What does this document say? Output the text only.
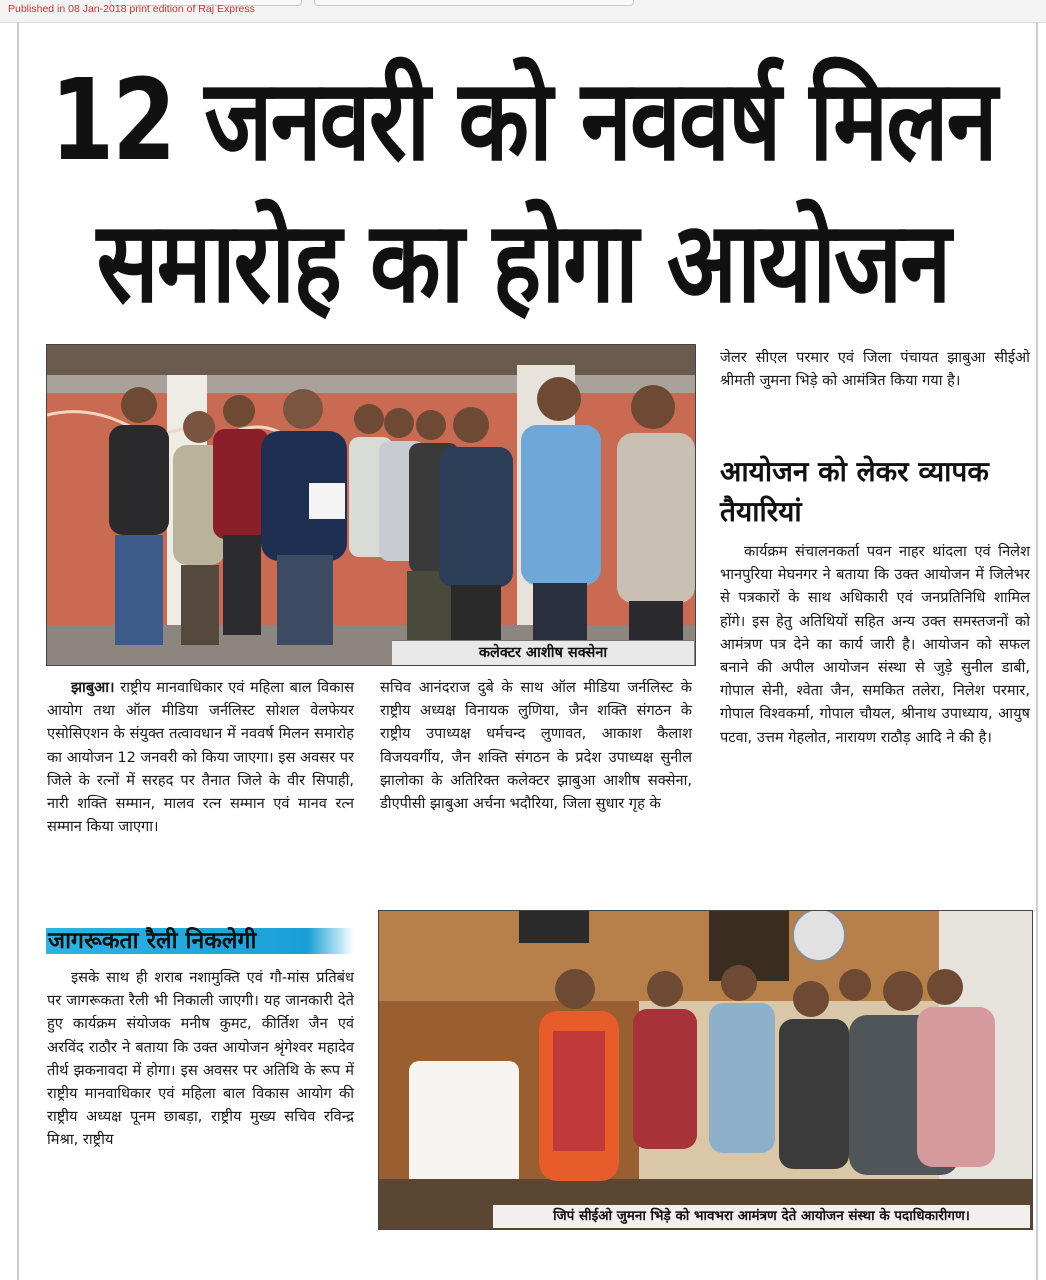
Published in 08 Jan-2018 print edition of Raj Express
12 जनवरी को नववर्ष मिलन
समारोह का होगा आयोजन
कलेक्टर आशीष सक्सेना

झाबुआ। राष्ट्रीय मानवाधिकार एवं महिला बाल विकास आयोग तथा ऑल मीडिया जर्नलिस्ट सोशल वेलफेयर एसोसिएशन के संयुक्त तत्वावधान में नववर्ष मिलन समारोह का आयोजन 12 जनवरी को किया जाएगा। इस अवसर पर जिले के रत्नों में सरहद पर तैनात जिले के वीर सिपाही, नारी शक्ति सम्मान, मालव रत्न सम्मान एवं मानव रत्न सम्मान किया जाएगा।

जागरूकता रैली निकलेगी

इसके साथ ही शराब नशामुक्ति एवं गौ-मांस प्रतिबंध पर जागरूकता रैली भी निकाली जाएगी। यह जानकारी देते हुए कार्यक्रम संयोजक मनीष कुमट, कीर्तिश जैन एवं अरविंद राठौर ने बताया कि उक्त आयोजन श्रृंगेश्वर महादेव तीर्थ झकनावदा में होगा। इस अवसर पर अतिथि के रूप में राष्ट्रीय मानवाधिकार एवं महिला बाल विकास आयोग की राष्ट्रीय अध्यक्ष पूनम छाबड़ा, राष्ट्रीय मुख्य सचिव रविन्द्र मिश्रा, राष्ट्रीय

सचिव आनंदराज दुबे के साथ ऑल मीडिया जर्नलिस्ट के राष्ट्रीय अध्यक्ष विनायक लुणिया, जैन शक्ति संगठन के राष्ट्रीय उपाध्यक्ष धर्मचन्द लुणावत, आकाश कैलाश विजयवर्गीय, जैन शक्ति संगठन के प्रदेश उपाध्यक्ष सुनील झालोका के अतिरिक्त कलेक्टर झाबुआ आशीष सक्सेना, डीएपीसी झाबुआ अर्चना भदौरिया, जिला सुधार गृह के

जेलर सीएल परमार एवं जिला पंचायत झाबुआ सीईओ श्रीमती जुमना भिड़े को आमंत्रित किया गया है।

आयोजन को लेकर व्यापक तैयारियां

कार्यक्रम संचालनकर्ता पवन नाहर थांदला एवं निलेश भानपुरिया मेघनगर ने बताया कि उक्त आयोजन में जिलेभर से पत्रकारों के साथ अधिकारी एवं जनप्रतिनिधि शामिल होंगे। इस हेतु अतिथियों सहित अन्य उक्त समस्तजनों को आमंत्रण पत्र देने का कार्य जारी है। आयोजन को सफल बनाने की अपील आयोजन संस्था से जुड़े सुनील डाबी, गोपाल सेनी, श्वेता जैन, समकित तलेरा, निलेश परमार, गोपाल विश्वकर्मा, गोपाल चौयल, श्रीनाथ उपाध्याय, आयुष पटवा, उत्तम गेहलोत, नारायण राठौड़ आदि ने की है।

जिपं सीईओ जुमना भिड़े को भावभरा आमंत्रण देते आयोजन संस्था के पदाधिकारीगण।
